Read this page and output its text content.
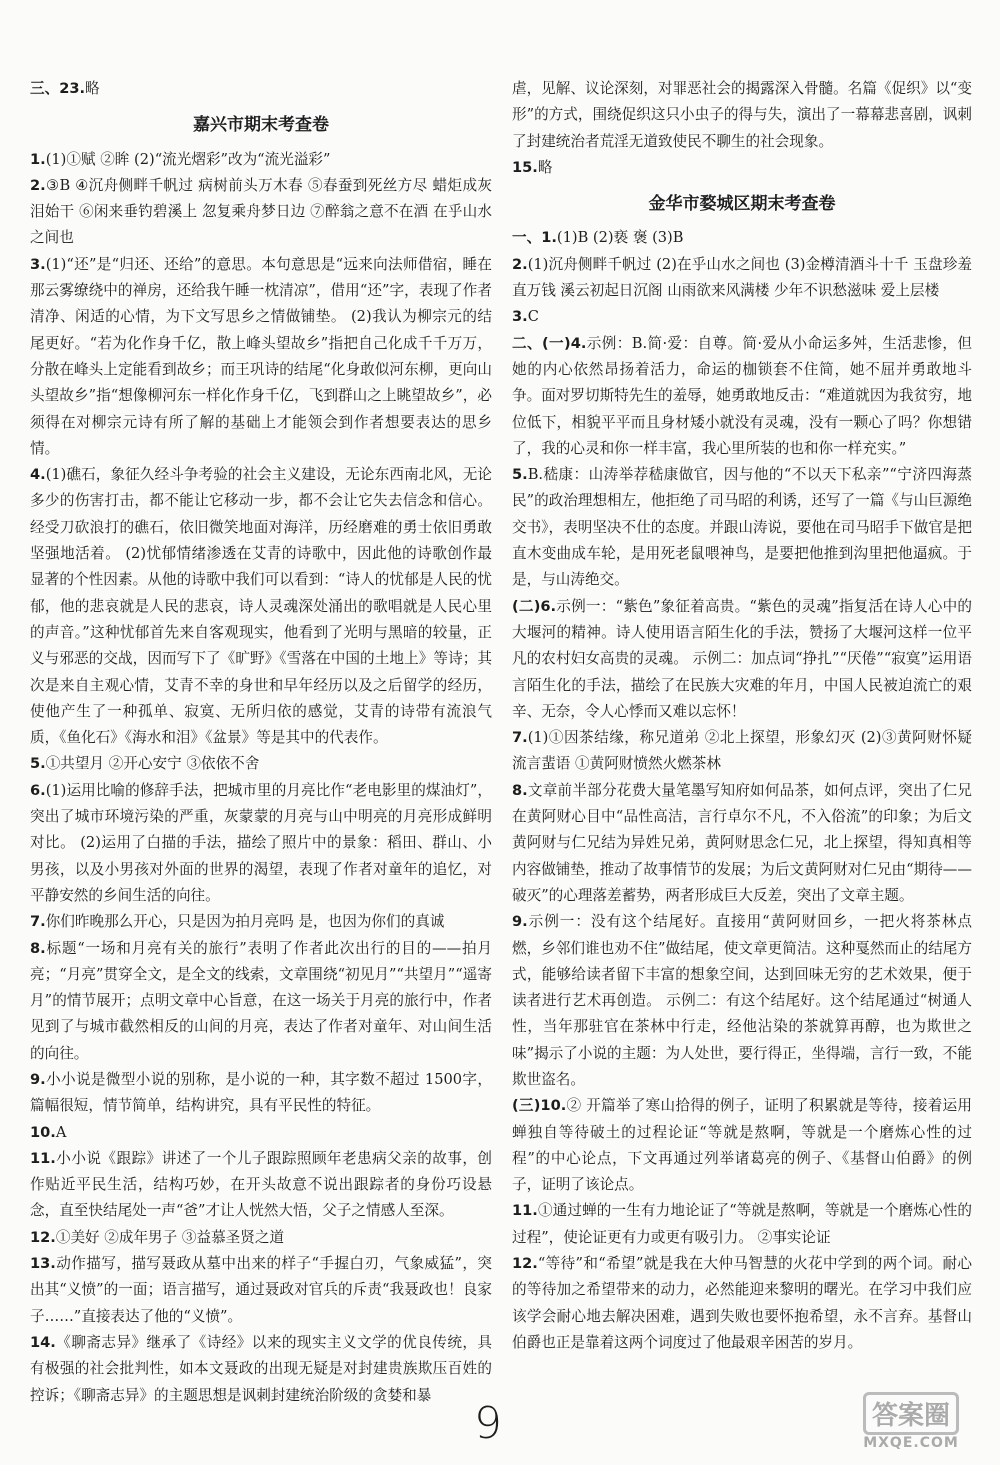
三、23.略

嘉兴市期末考查卷

1.(1)①赋 ②眸 (2)“流光熠彩”改为“流光溢彩”

2.③B ④沉舟侧畔千帆过 病树前头万木春 ⑤春蚕到死丝方尽 蜡炬成灰泪始干 ⑥闲来垂钓碧溪上 忽复乘舟梦日边 ⑦醉翁之意不在酒 在乎山水之间也

3.(1)“还”是“归还、还给”的意思。本句意思是“远来向法师借宿，睡在那云雾缭绕中的禅房，还给我午睡一枕清凉”，借用“还”字，表现了作者清净、闲适的心情，为下文写思乡之情做铺垫。 (2)我认为柳宗元的结尾更好。“若为化作身千亿，散上峰头望故乡”指把自己化成千千万万，分散在峰头上定能看到故乡；而王巩诗的结尾“化身敢似河东柳，更向山头望故乡”指“想像柳河东一样化作身千亿，飞到群山之上眺望故乡”，必须得在对柳宗元诗有所了解的基础上才能领会到作者想要表达的思乡情。

4.(1)礁石，象征久经斗争考验的社会主义建设，无论东西南北风，无论多少的伤害打击，都不能让它移动一步，都不会让它失去信念和信心。经受刀砍浪打的礁石，依旧微笑地面对海洋，历经磨难的勇士依旧勇敢坚强地活着。 (2)忧郁情绪渗透在艾青的诗歌中，因此他的诗歌创作最显著的个性因素。从他的诗歌中我们可以看到：“诗人的忧郁是人民的忧郁，他的悲哀就是人民的悲哀，诗人灵魂深处涌出的歌唱就是人民心里的声音。”这种忧郁首先来自客观现实，他看到了光明与黑暗的较量，正义与邪恶的交战，因而写下了《旷野》《雪落在中国的土地上》等诗；其次是来自主观心情，艾青不幸的身世和早年经历以及之后留学的经历，使他产生了一种孤单、寂寞、无所归依的感觉，艾青的诗带有流浪气质，《鱼化石》《海水和泪》《盆景》等是其中的代表作。

5.①共望月 ②开心安宁 ③依依不舍

6.(1)运用比喻的修辞手法，把城市里的月亮比作“老电影里的煤油灯”，突出了城市环境污染的严重，灰蒙蒙的月亮与山中明亮的月亮形成鲜明对比。 (2)运用了白描的手法，描绘了照片中的景象：稻田、群山、小男孩，以及小男孩对外面的世界的渴望，表现了作者对童年的追忆，对平静安然的乡间生活的向往。

7.你们昨晚那么开心，只是因为拍月亮吗 是，也因为你们的真诚

8.标题“一场和月亮有关的旅行”表明了作者此次出行的目的——拍月亮；“月亮”贯穿全文，是全文的线索，文章围绕“初见月”“共望月”“遥寄月”的情节展开；点明文章中心旨意，在这一场关于月亮的旅行中，作者见到了与城市截然相反的山间的月亮，表达了作者对童年、对山间生活的向往。

9.小小说是微型小说的别称，是小说的一种，其字数不超过 1500字，篇幅很短，情节简单，结构讲究，具有平民性的特征。

10.A

11.小小说《跟踪》讲述了一个儿子跟踪照顾年老患病父亲的故事，创作贴近平民生活，结构巧妙，在开头故意不说出跟踪者的身份巧设悬念，直至快结尾处一声“爸”才让人恍然大悟，父子之情感人至深。

12.①美好 ②成年男子 ③益慕圣贤之道

13.动作描写，描写聂政从墓中出来的样子“手握白刃，气象威猛”，突出其“义愤”的一面；语言描写，通过聂政对官兵的斥责“我聂政也！良家子……”直接表达了他的“义愤”。

14.《聊斋志异》继承了《诗经》以来的现实主义文学的优良传统，具有极强的社会批判性，如本文聂政的出现无疑是对封建贵族欺压百姓的控诉；《聊斋志异》的主题思想是讽刺封建统治阶级的贪婪和暴

虐，见解、议论深刻，对罪恶社会的揭露深入骨髓。名篇《促织》以“变形”的方式，围绕促织这只小虫子的得与失，演出了一幕幕悲喜剧，讽刺了封建统治者荒淫无道致使民不聊生的社会现象。

15.略

金华市婺城区期末考查卷

一、1.(1)B (2)亵 褒 (3)B

2.(1)沉舟侧畔千帆过 (2)在乎山水之间也 (3)金樽清酒斗十千 玉盘珍羞直万钱 溪云初起日沉阁 山雨欲来风满楼 少年不识愁滋味 爱上层楼

3.C

二、(一)4.示例：B.简·爱：自尊。简·爱从小命运多舛，生活悲惨，但她的内心依然昂扬着活力，命运的枷锁套不住简，她不屈并勇敢地斗争。面对罗切斯特先生的羞辱，她勇敢地反击：“难道就因为我贫穷，地位低下，相貌平平而且身材矮小就没有灵魂，没有一颗心了吗？你想错了，我的心灵和你一样丰富，我心里所装的也和你一样充实。”

5.B.嵇康：山涛举荐嵇康做官，因与他的“不以天下私亲”“宁济四海蒸民”的政治理想相左，他拒绝了司马昭的利诱，还写了一篇《与山巨源绝交书》，表明坚决不仕的态度。并跟山涛说，要他在司马昭手下做官是把直木变曲成车轮，是用死老鼠喂神鸟，是要把他推到沟里把他逼疯。于是，与山涛绝交。

(二)6.示例一：“紫色”象征着高贵。“紫色的灵魂”指复活在诗人心中的大堰河的精神。诗人使用语言陌生化的手法，赞扬了大堰河这样一位平凡的农村妇女高贵的灵魂。 示例二：加点词“挣扎”“厌倦”“寂寞”运用语言陌生化的手法，描绘了在民族大灾难的年月，中国人民被迫流亡的艰辛、无奈，令人心悸而又难以忘怀！

7.(1)①因茶结缘，称兄道弟 ②北上探望，形象幻灭 (2)③黄阿财怀疑流言蜚语 ①黄阿财愤然火燃茶林

8.文章前半部分花费大量笔墨写知府如何品茶，如何点评，突出了仁兄在黄阿财心目中“品性高洁，言行卓尔不凡，不入俗流”的印象；为后文黄阿财与仁兄结为异姓兄弟，黄阿财思念仁兄，北上探望，得知真相等内容做铺垫，推动了故事情节的发展；为后文黄阿财对仁兄由“期待——破灭”的心理落差蓄势，两者形成巨大反差，突出了文章主题。

9.示例一：没有这个结尾好。直接用“黄阿财回乡，一把火将茶林点燃，乡邻们谁也劝不住”做结尾，使文章更简洁。这种戛然而止的结尾方式，能够给读者留下丰富的想象空间，达到回味无穷的艺术效果，便于读者进行艺术再创造。 示例二：有这个结尾好。这个结尾通过“树通人性，当年那驻官在茶林中行走，经他沾染的茶就算再醇，也为欺世之味”揭示了小说的主题：为人处世，要行得正，坐得端，言行一致，不能欺世盗名。

(三)10.② 开篇举了寒山拾得的例子，证明了积累就是等待，接着运用蝉独自等待破土的过程论证“等就是熬啊，等就是一个磨炼心性的过程”的中心论点，下文再通过列举诸葛亮的例子、《基督山伯爵》的例子，证明了该论点。

11.①通过蝉的一生有力地论证了“等就是熬啊，等就是一个磨炼心性的过程”，使论证更有力或更有吸引力。 ②事实论证

12.“等待”和“希望”就是我在大仲马智慧的火花中学到的两个词。耐心的等待加之希望带来的动力，必然能迎来黎明的曙光。在学习中我们应该学会耐心地去解决困难，遇到失败也要怀抱希望，永不言弃。基督山伯爵也正是靠着这两个词度过了他最艰辛困苦的岁月。

9	答案圈
MXQE.COM
